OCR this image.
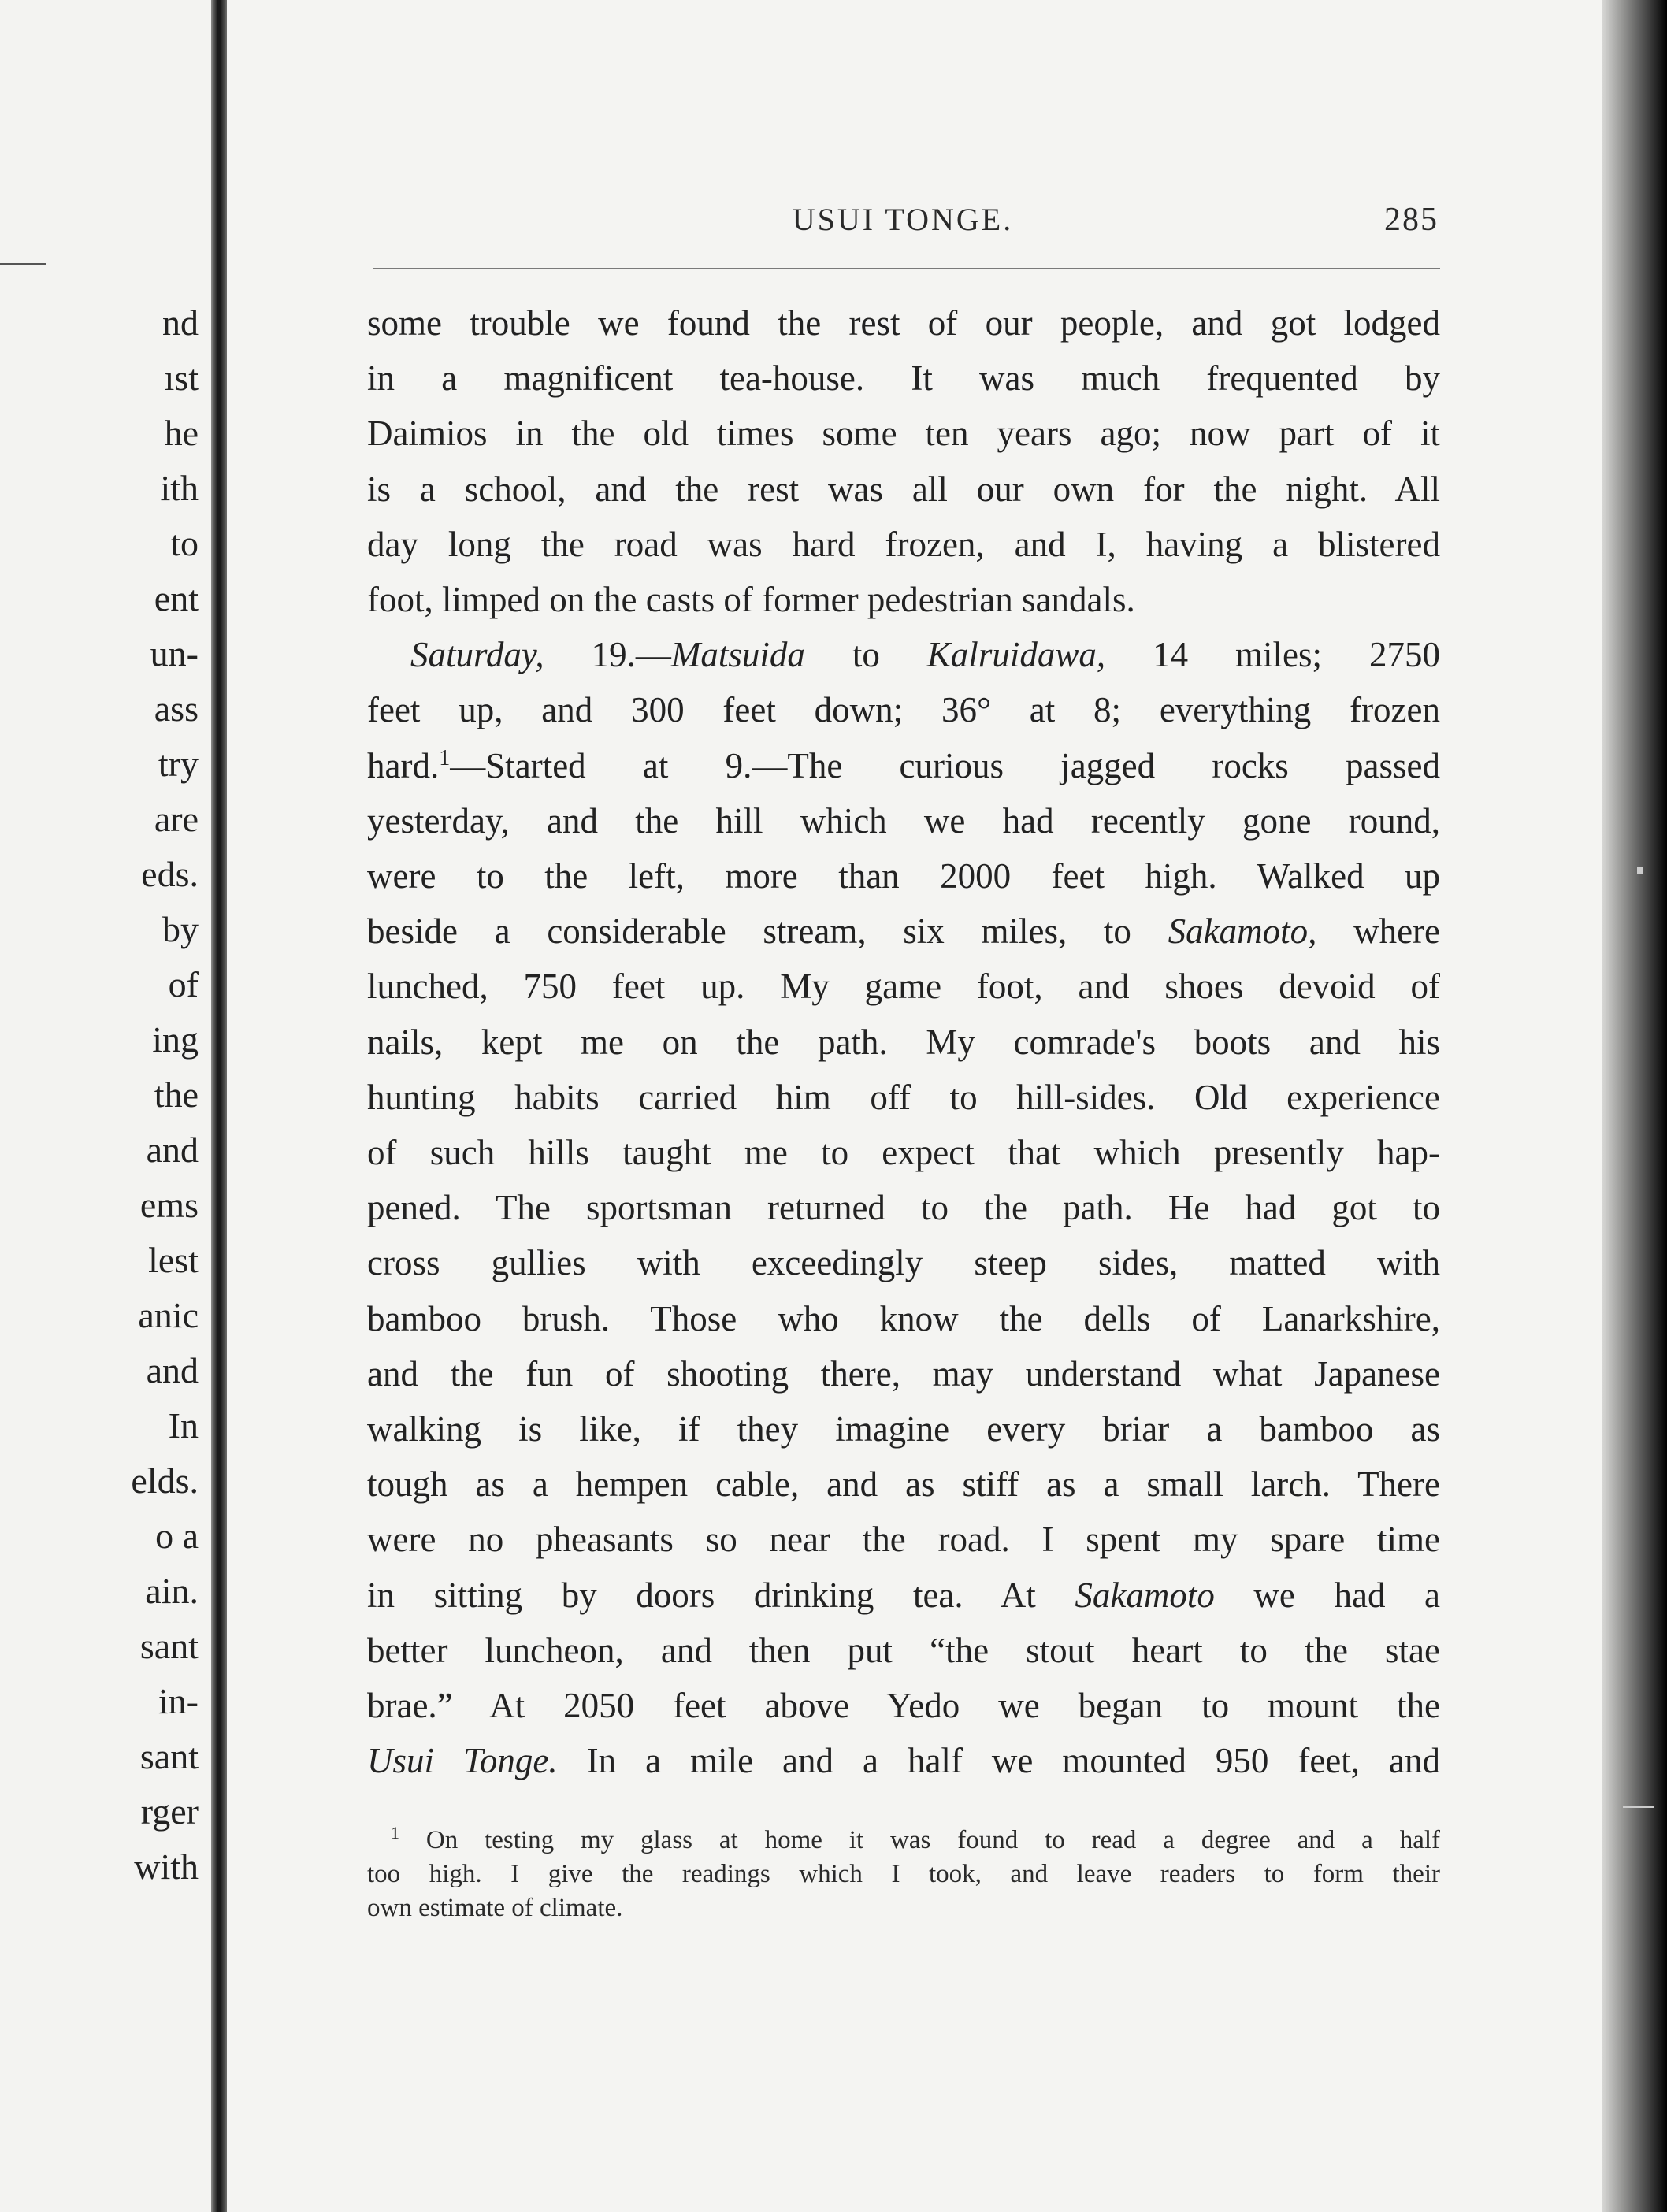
nd
ıst
he
ith
to
ent
un-
ass
try
are
eds.
by
of
ing
the
and
ems
lest
anic
and
In
elds.
o a
ain.
sant
in-
sant
rger
with
USUI TONGE.	285
some trouble we found the rest of our people, and got lodged
in a magnificent tea-house. It was much frequented by
Daimios in the old times some ten years ago; now part of it
is a school, and the rest was all our own for the night. All
day long the road was hard frozen, and I, having a blistered
foot, limped on the casts of former pedestrian sandals.
Saturday, 19.—Matsuida to Kalruidawa, 14 miles; 2750
feet up, and 300 feet down; 36° at 8; everything frozen
hard.$^1$—Started at 9.—The curious jagged rocks passed
yesterday, and the hill which we had recently gone round,
were to the left, more than 2000 feet high. Walked up
beside a considerable stream, six miles, to Sakamoto, where
lunched, 750 feet up. My game foot, and shoes devoid of
nails, kept me on the path. My comrade's boots and his
hunting habits carried him off to hill-sides. Old experience
of such hills taught me to expect that which presently hap-
pened. The sportsman returned to the path. He had got to
cross gullies with exceedingly steep sides, matted with
bamboo brush. Those who know the dells of Lanarkshire,
and the fun of shooting there, may understand what Japanese
walking is like, if they imagine every briar a bamboo as
tough as a hempen cable, and as stiff as a small larch. There
were no pheasants so near the road. I spent my spare time
in sitting by doors drinking tea. At Sakamoto we had a
better luncheon, and then put “the stout heart to the stae
brae.” At 2050 feet above Yedo we began to mount the
Usui Tonge. In a mile and a half we mounted 950 feet, and
$^1$ On testing my glass at home it was found to read a degree and a half
too high. I give the readings which I took, and leave readers to form their
own estimate of climate.
